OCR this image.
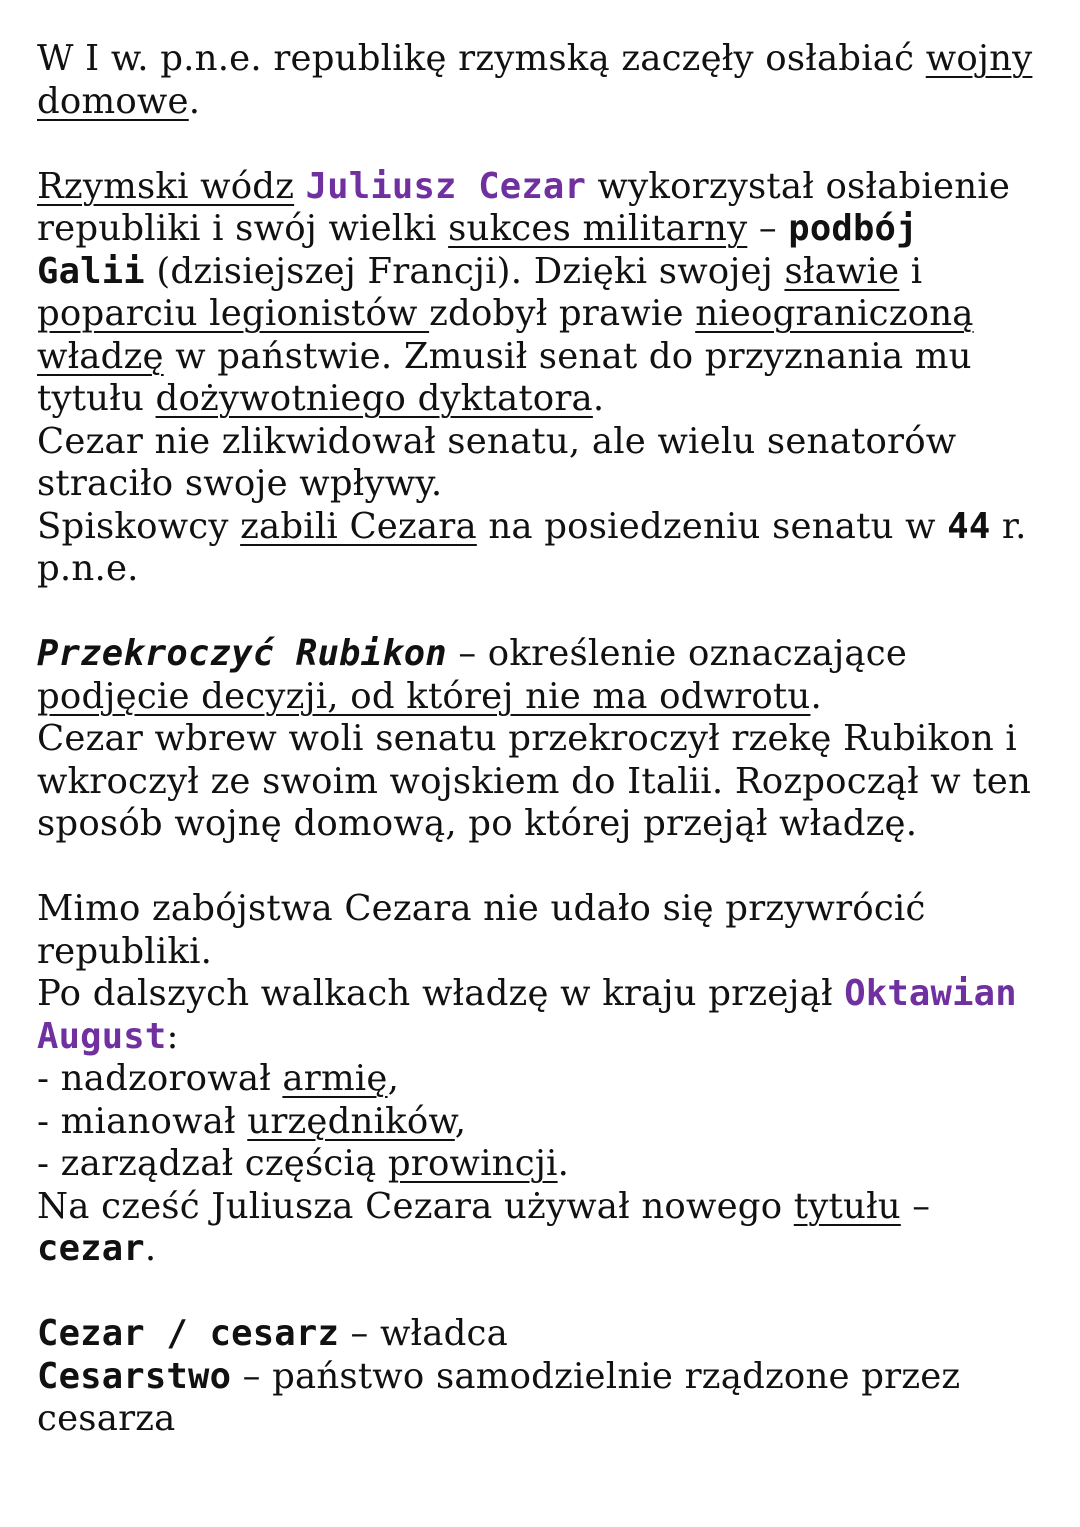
W I w. p.n.e. republikę rzymską zaczęły osłabiać wojny domowe.

Rzymski wódz Juliusz Cezar wykorzystał osłabienie republiki i swój wielki sukces militarny – podbój Galii (dzisiejszej Francji). Dzięki swojej sławie i poparciu legionistów zdobył prawie nieograniczoną władzę w państwie. Zmusił senat do przyznania mu tytułu dożywotniego dyktatora.

Cezar nie zlikwidował senatu, ale wielu senatorów straciło swoje wpływy.

Spiskowcy zabili Cezara na posiedzeniu senatu w 44 r. p.n.e.

Przekroczyć Rubikon – określenie oznaczające podjęcie decyzji, od której nie ma odwrotu.

Cezar wbrew woli senatu przekroczył rzekę Rubikon i wkroczył ze swoim wojskiem do Italii. Rozpoczął w ten sposób wojnę domową, po której przejął władzę.

Mimo zabójstwa Cezara nie udało się przywrócić republiki.

Po dalszych walkach władzę w kraju przejął Oktawian August:

- nadzorował armię,

- mianował urzędników,

- zarządzał częścią prowincji.

Na cześć Juliusza Cezara używał nowego tytułu – cezar.

Cezar / cesarz – władca

Cesarstwo – państwo samodzielnie rządzone przez cesarza
